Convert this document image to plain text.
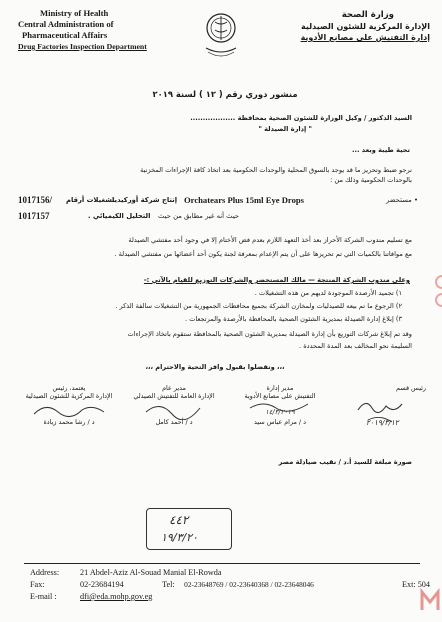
Ministry of Health
Central Administration of
Pharmaceutical Affairs
Drug Factories Inspection Department
وزارة الصحة
الإدارة المركزية للشئون الصيدلية
إدارة التفتيش على مصانع الأدوية
منشور دوري رقم ( ١٢ ) لسنة ٢٠١٩
السيد الدكتور / وكيل الوزارة للشئون الصحية بمحافظة ..................
" إدارة الصيدلة "
تحية طيبة وبعد ...
نرجو ضبط وتحريز ما قد يوجد بالسوق المحلية والوحدات الحكومية بعد اتخاذ كافة الإجراءات المخزنية
بالوحدات الحكومية وذلك من :
1017156/ تشغيلات أرقام
إنتاج شركة أوركيديا Orchatears Plus 15ml Eye Drops	• مستحضر
1017157	حيث أنه غير مطابق من حيث
التحليل الكيميائي .
مع تسليم مندوب الشركة الأحراز بعد أخذ التعهد اللازم بعدم فض الأختام إلا في وجود أحد مفتشي الصيدلة
مع موافاتنا بالكميات التي تم تحريزها على أن يتم الإعدام بمعرفة لجنة يكون أحد أعضائها من مفتشي الصيدلة .
وعلى مندوب الشركة المنتجة — مالك المستحضر والشركات التوزيع للقيام بالآتي :-
١) تجميد الأرصدة الموجودة لديهم من هذه التشغيلات .
٢) الرجوع ما تم بيعه للصيدليات ولمخازن الشركة بجميع محافظات الجمهورية من التشغيلات سالفة الذكر .
٣) إبلاغ إدارة الصيدلة بمديرية الشئون الصحية بالمحافظة بالأرصدة والمرتجعات .
وقد تم إبلاغ شركات التوزيع بأن إدارة الصيدلة بمديرية الشئون الصحية بالمحافظة ستقوم باتخاذ الإجراءات
السليمة نحو المخالف بعد المدة المحددة .
،،، وتفضلوا بقبول وافر التحية والاحترام ،،،
يعتمد، رئيس
الإدارة المركزية للشئون الصيدلية
د / رشا محمد زيادة
مدير عام
الإدارة العامة للتفتيش الصيدلي
د / أحمد كامل
مدير إدارة
التفتيش على مصانع الأدوية
١٤/٣/٢٠١٩
د / مرام عباس سيد
رئيس قسم
٢٠١٩/٣/١٢
صورة مبلغة للسيد أ.د / نقيب صيادلة مصر
٤٤٢
١٩/٣/٢٠
Address:	21 Abdel-Aziz Al-Souad Manial El-Rowda
Fax:	02-23684194	Tel: 02-23648769 / 02-23640368 / 02-23648046	Ext: 504
E-mail :	dfi@eda.mohp.gov.eg
